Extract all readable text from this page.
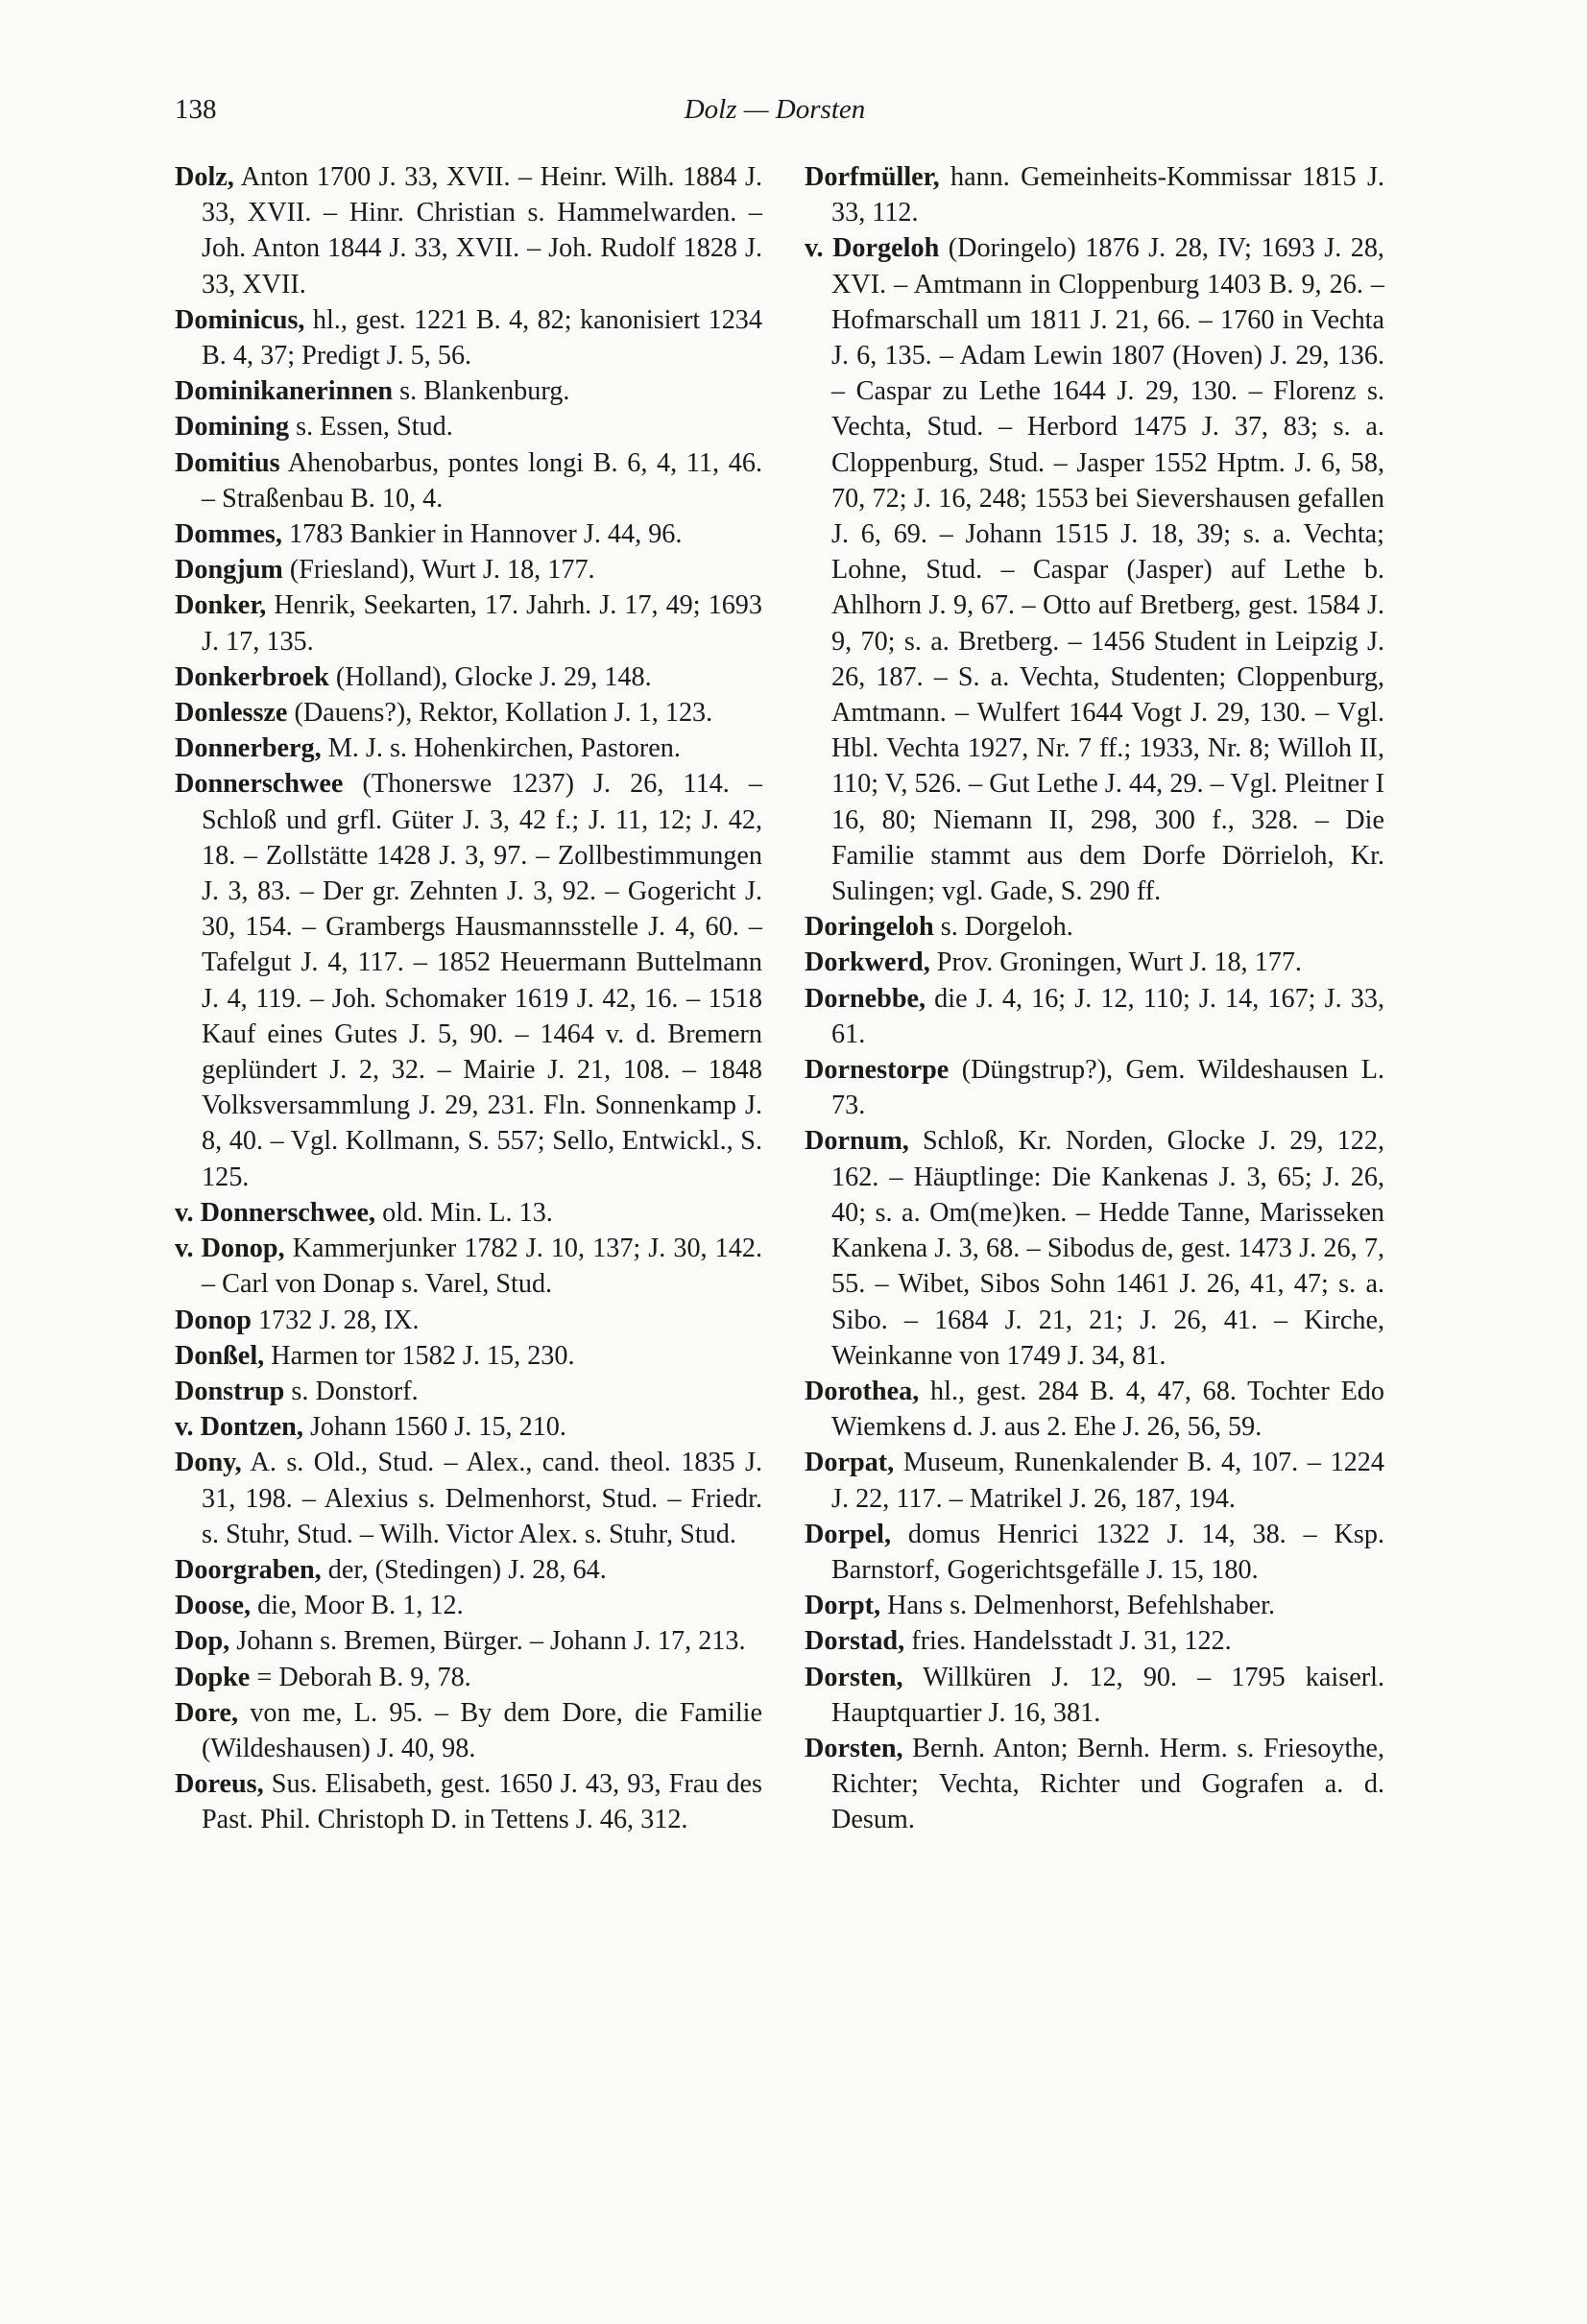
138	Dolz — Dorsten

Dolz, Anton 1700 J. 33, XVII. – Heinr. Wilh. 1884 J. 33, XVII. – Hinr. Christian s. Hammelwarden. – Joh. Anton 1844 J. 33, XVII. – Joh. Rudolf 1828 J. 33, XVII.

Dominicus, hl., gest. 1221 B. 4, 82; kanonisiert 1234 B. 4, 37; Predigt J. 5, 56.

Dominikanerinnen s. Blankenburg.

Domining s. Essen, Stud.

Domitius Ahenobarbus, pontes longi B. 6, 4, 11, 46. – Straßenbau B. 10, 4.

Dommes, 1783 Bankier in Hannover J. 44, 96.

Dongjum (Friesland), Wurt J. 18, 177.

Donker, Henrik, Seekarten, 17. Jahrh. J. 17, 49; 1693 J. 17, 135.

Donkerbroek (Holland), Glocke J. 29, 148.

Donlessze (Dauens?), Rektor, Kollation J. 1, 123.

Donnerberg, M. J. s. Hohenkirchen, Pastoren.

Donnerschwee (Thonerswe 1237) J. 26, 114. – Schloß und grfl. Güter J. 3, 42 f.; J. 11, 12; J. 42, 18. – Zollstätte 1428 J. 3, 97. – Zollbestimmungen J. 3, 83. – Der gr. Zehnten J. 3, 92. – Gogericht J. 30, 154. – Grambergs Hausmannsstelle J. 4, 60. – Tafelgut J. 4, 117. – 1852 Heuermann Buttelmann J. 4, 119. – Joh. Schomaker 1619 J. 42, 16. – 1518 Kauf eines Gutes J. 5, 90. – 1464 v. d. Bremern geplündert J. 2, 32. – Mairie J. 21, 108. – 1848 Volksversammlung J. 29, 231. Fln. Sonnenkamp J. 8, 40. – Vgl. Kollmann, S. 557; Sello, Entwickl., S. 125.

v. Donnerschwee, old. Min. L. 13.

v. Donop, Kammerjunker 1782 J. 10, 137; J. 30, 142. – Carl von Donap s. Varel, Stud.

Donop 1732 J. 28, IX.

Donßel, Harmen tor 1582 J. 15, 230.

Donstrup s. Donstorf.

v. Dontzen, Johann 1560 J. 15, 210.

Dony, A. s. Old., Stud. – Alex., cand. theol. 1835 J. 31, 198. – Alexius s. Delmenhorst, Stud. – Friedr. s. Stuhr, Stud. – Wilh. Victor Alex. s. Stuhr, Stud.

Doorgraben, der, (Stedingen) J. 28, 64.

Doose, die, Moor B. 1, 12.

Dop, Johann s. Bremen, Bürger. – Johann J. 17, 213.

Dopke = Deborah B. 9, 78.

Dore, von me, L. 95. – By dem Dore, die Familie (Wildeshausen) J. 40, 98.

Doreus, Sus. Elisabeth, gest. 1650 J. 43, 93, Frau des Past. Phil. Christoph D. in Tettens J. 46, 312.

Dorfmüller, hann. Gemeinheits-Kommissar 1815 J. 33, 112.

v. Dorgeloh (Doringelo) 1876 J. 28, IV; 1693 J. 28, XVI. – Amtmann in Cloppenburg 1403 B. 9, 26. – Hofmarschall um 1811 J. 21, 66. – 1760 in Vechta J. 6, 135. – Adam Lewin 1807 (Hoven) J. 29, 136. – Caspar zu Lethe 1644 J. 29, 130. – Florenz s. Vechta, Stud. – Herbord 1475 J. 37, 83; s. a. Cloppenburg, Stud. – Jasper 1552 Hptm. J. 6, 58, 70, 72; J. 16, 248; 1553 bei Sievershausen gefallen J. 6, 69. – Johann 1515 J. 18, 39; s. a. Vechta; Lohne, Stud. – Caspar (Jasper) auf Lethe b. Ahlhorn J. 9, 67. – Otto auf Bretberg, gest. 1584 J. 9, 70; s. a. Bretberg. – 1456 Student in Leipzig J. 26, 187. – S. a. Vechta, Studenten; Cloppenburg, Amtmann. – Wulfert 1644 Vogt J. 29, 130. – Vgl. Hbl. Vechta 1927, Nr. 7 ff.; 1933, Nr. 8; Willoh II, 110; V, 526. – Gut Lethe J. 44, 29. – Vgl. Pleitner I 16, 80; Niemann II, 298, 300 f., 328. – Die Familie stammt aus dem Dorfe Dörrieloh, Kr. Sulingen; vgl. Gade, S. 290 ff.

Doringeloh s. Dorgeloh.

Dorkwerd, Prov. Groningen, Wurt J. 18, 177.

Dornebbe, die J. 4, 16; J. 12, 110; J. 14, 167; J. 33, 61.

Dornestorpe (Düngstrup?), Gem. Wildeshausen L. 73.

Dornum, Schloß, Kr. Norden, Glocke J. 29, 122, 162. – Häuptlinge: Die Kankenas J. 3, 65; J. 26, 40; s. a. Om(me)ken. – Hedde Tanne, Marisseken Kankena J. 3, 68. – Sibodus de, gest. 1473 J. 26, 7, 55. – Wibet, Sibos Sohn 1461 J. 26, 41, 47; s. a. Sibo. – 1684 J. 21, 21; J. 26, 41. – Kirche, Weinkanne von 1749 J. 34, 81.

Dorothea, hl., gest. 284 B. 4, 47, 68. Tochter Edo Wiemkens d. J. aus 2. Ehe J. 26, 56, 59.

Dorpat, Museum, Runenkalender B. 4, 107. – 1224 J. 22, 117. – Matrikel J. 26, 187, 194.

Dorpel, domus Henrici 1322 J. 14, 38. – Ksp. Barnstorf, Gogerichtsgefälle J. 15, 180.

Dorpt, Hans s. Delmenhorst, Befehlshaber.

Dorstad, fries. Handelsstadt J. 31, 122.

Dorsten, Willküren J. 12, 90. – 1795 kaiserl. Hauptquartier J. 16, 381.

Dorsten, Bernh. Anton; Bernh. Herm. s. Friesoythe, Richter; Vechta, Richter und Gografen a. d. Desum.
